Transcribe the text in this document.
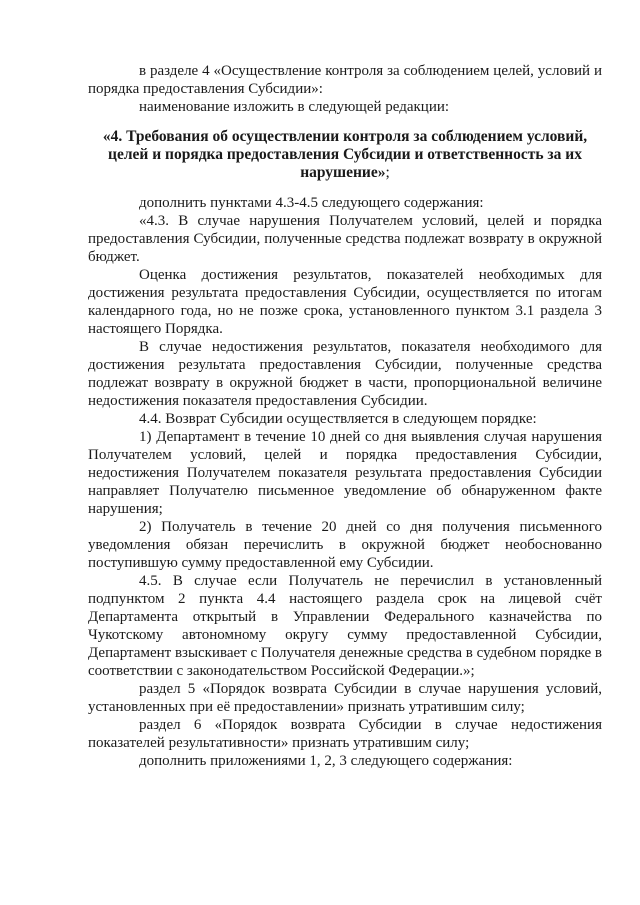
в разделе 4 «Осуществление контроля за соблюдением целей, условий и порядка предоставления Субсидии»:

наименование изложить в следующей редакции:

«4. Требования об осуществлении контроля за соблюдением условий, целей и порядка предоставления Субсидии и ответственность за их нарушение»;

дополнить пунктами 4.3-4.5 следующего содержания:

«4.3. В случае нарушения Получателем условий, целей и порядка предоставления Субсидии, полученные средства подлежат возврату в окружной бюджет.

Оценка достижения результатов, показателей необходимых для достижения результата предоставления Субсидии, осуществляется по итогам календарного года, но не позже срока, установленного пунктом 3.1 раздела 3 настоящего Порядка.

В случае недостижения результатов, показателя необходимого для достижения результата предоставления Субсидии, полученные средства подлежат возврату в окружной бюджет в части, пропорциональной величине недостижения показателя предоставления Субсидии.

4.4. Возврат Субсидии осуществляется в следующем порядке:

1) Департамент в течение 10 дней со дня выявления случая нарушения Получателем условий, целей и порядка предоставления Субсидии, недостижения Получателем показателя результата предоставления Субсидии направляет Получателю письменное уведомление об обнаруженном факте нарушения;

2) Получатель в течение 20 дней со дня получения письменного уведомления обязан перечислить в окружной бюджет необоснованно поступившую сумму предоставленной ему Субсидии.

4.5. В случае если Получатель не перечислил в установленный подпунктом 2 пункта 4.4 настоящего раздела срок на лицевой счёт Департамента открытый в Управлении Федерального казначейства по Чукотскому автономному округу сумму предоставленной Субсидии, Департамент взыскивает с Получателя денежные средства в судебном порядке в соответствии с законодательством Российской Федерации.»;

раздел 5 «Порядок возврата Субсидии в случае нарушения условий, установленных при её предоставлении» признать утратившим силу;

раздел 6 «Порядок возврата Субсидии в случае недостижения показателей результативности» признать утратившим силу;

дополнить приложениями 1, 2, 3 следующего содержания:
